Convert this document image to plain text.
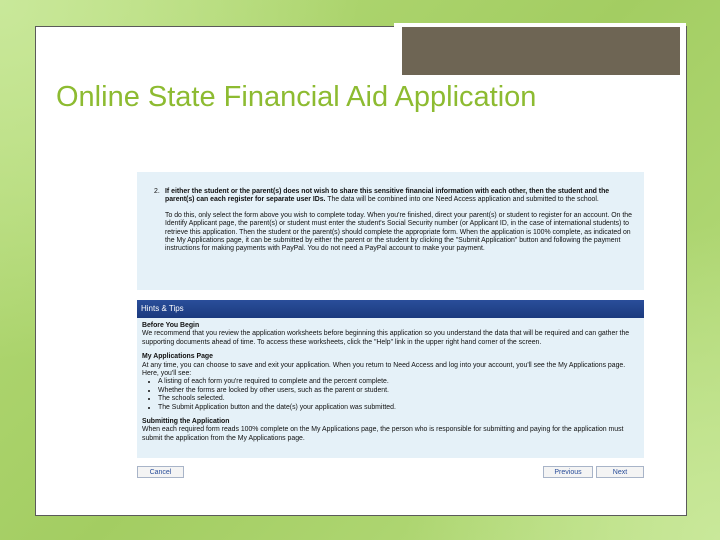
Online State Financial Aid Application
2. If either the student or the parent(s) does not wish to share this sensitive financial information with each other, then the student and the parent(s) can each register for separate user IDs. The data will be combined into one Need Access application and submitted to the school.

To do this, only select the form above you wish to complete today. When you're finished, direct your parent(s) or student to register for an account. On the Identify Applicant page, the parent(s) or student must enter the student's Social Security number (or Applicant ID, in the case of international students) to retrieve this application. Then the student or the parent(s) should complete the appropriate form. When the application is 100% complete, as indicated on the My Applications page, it can be submitted by either the parent or the student by clicking the "Submit Application" button and following the payment instructions for making payments with PayPal. You do not need a PayPal account to make your payment.

Hints & Tips
Before You Begin

We recommend that you review the application worksheets before beginning this application so you understand the data that will be required and can gather the supporting documents ahead of time. To access these worksheets, click the "Help" link in the upper right hand corner of the screen.

My Applications Page
At any time, you can choose to save and exit your application. When you return to Need Access and log into your account, you'll see the My Applications page. Here, you'll see:
• A listing of each form you're required to complete and the percent complete.
• Whether the forms are locked by other users, such as the parent or student.
• The schools selected.
• The Submit Application button and the date(s) your application was submitted.
Submitting the Application

When each required form reads 100% complete on the My Applications page, the person who is responsible for submitting and paying for the application must submit the application from the My Applications page.

Cancel	Previous	Next
